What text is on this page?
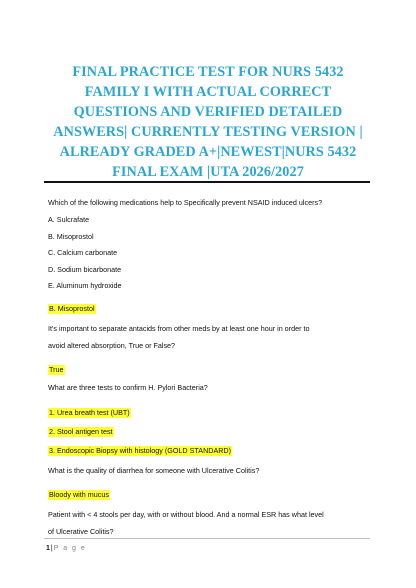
FINAL PRACTICE TEST FOR NURS 5432
FAMILY I WITH ACTUAL CORRECT
QUESTIONS AND VERIFIED DETAILED
ANSWERS| CURRENTLY TESTING VERSION |
ALREADY GRADED A+|NEWEST|NURS 5432
FINAL EXAM |UTA 2026/2027

Which of the following medications help to Specifically prevent NSAID induced ulcers?

A. Sulcrafate

B. Misoprostol

C. Calcium carbonate

D. Sodium bicarbonate

E. Aluminum hydroxide

B. Misoprostol

It's important to separate antacids from other meds by at least one hour in order to

avoid altered absorption, True or False?

True

What are three tests to confirm H. Pylori Bacteria?

1. Urea breath test (UBT)
2. Stool antigen test
3. Endoscopic Biopsy with histology (GOLD STANDARD)

What is the quality of diarrhea for someone with Ulcerative Colitis?

Bloody with mucus

Patient with < 4 stools per day, with or without blood. And a normal ESR has what level

of Ulcerative Colitis?

1|P a g e
